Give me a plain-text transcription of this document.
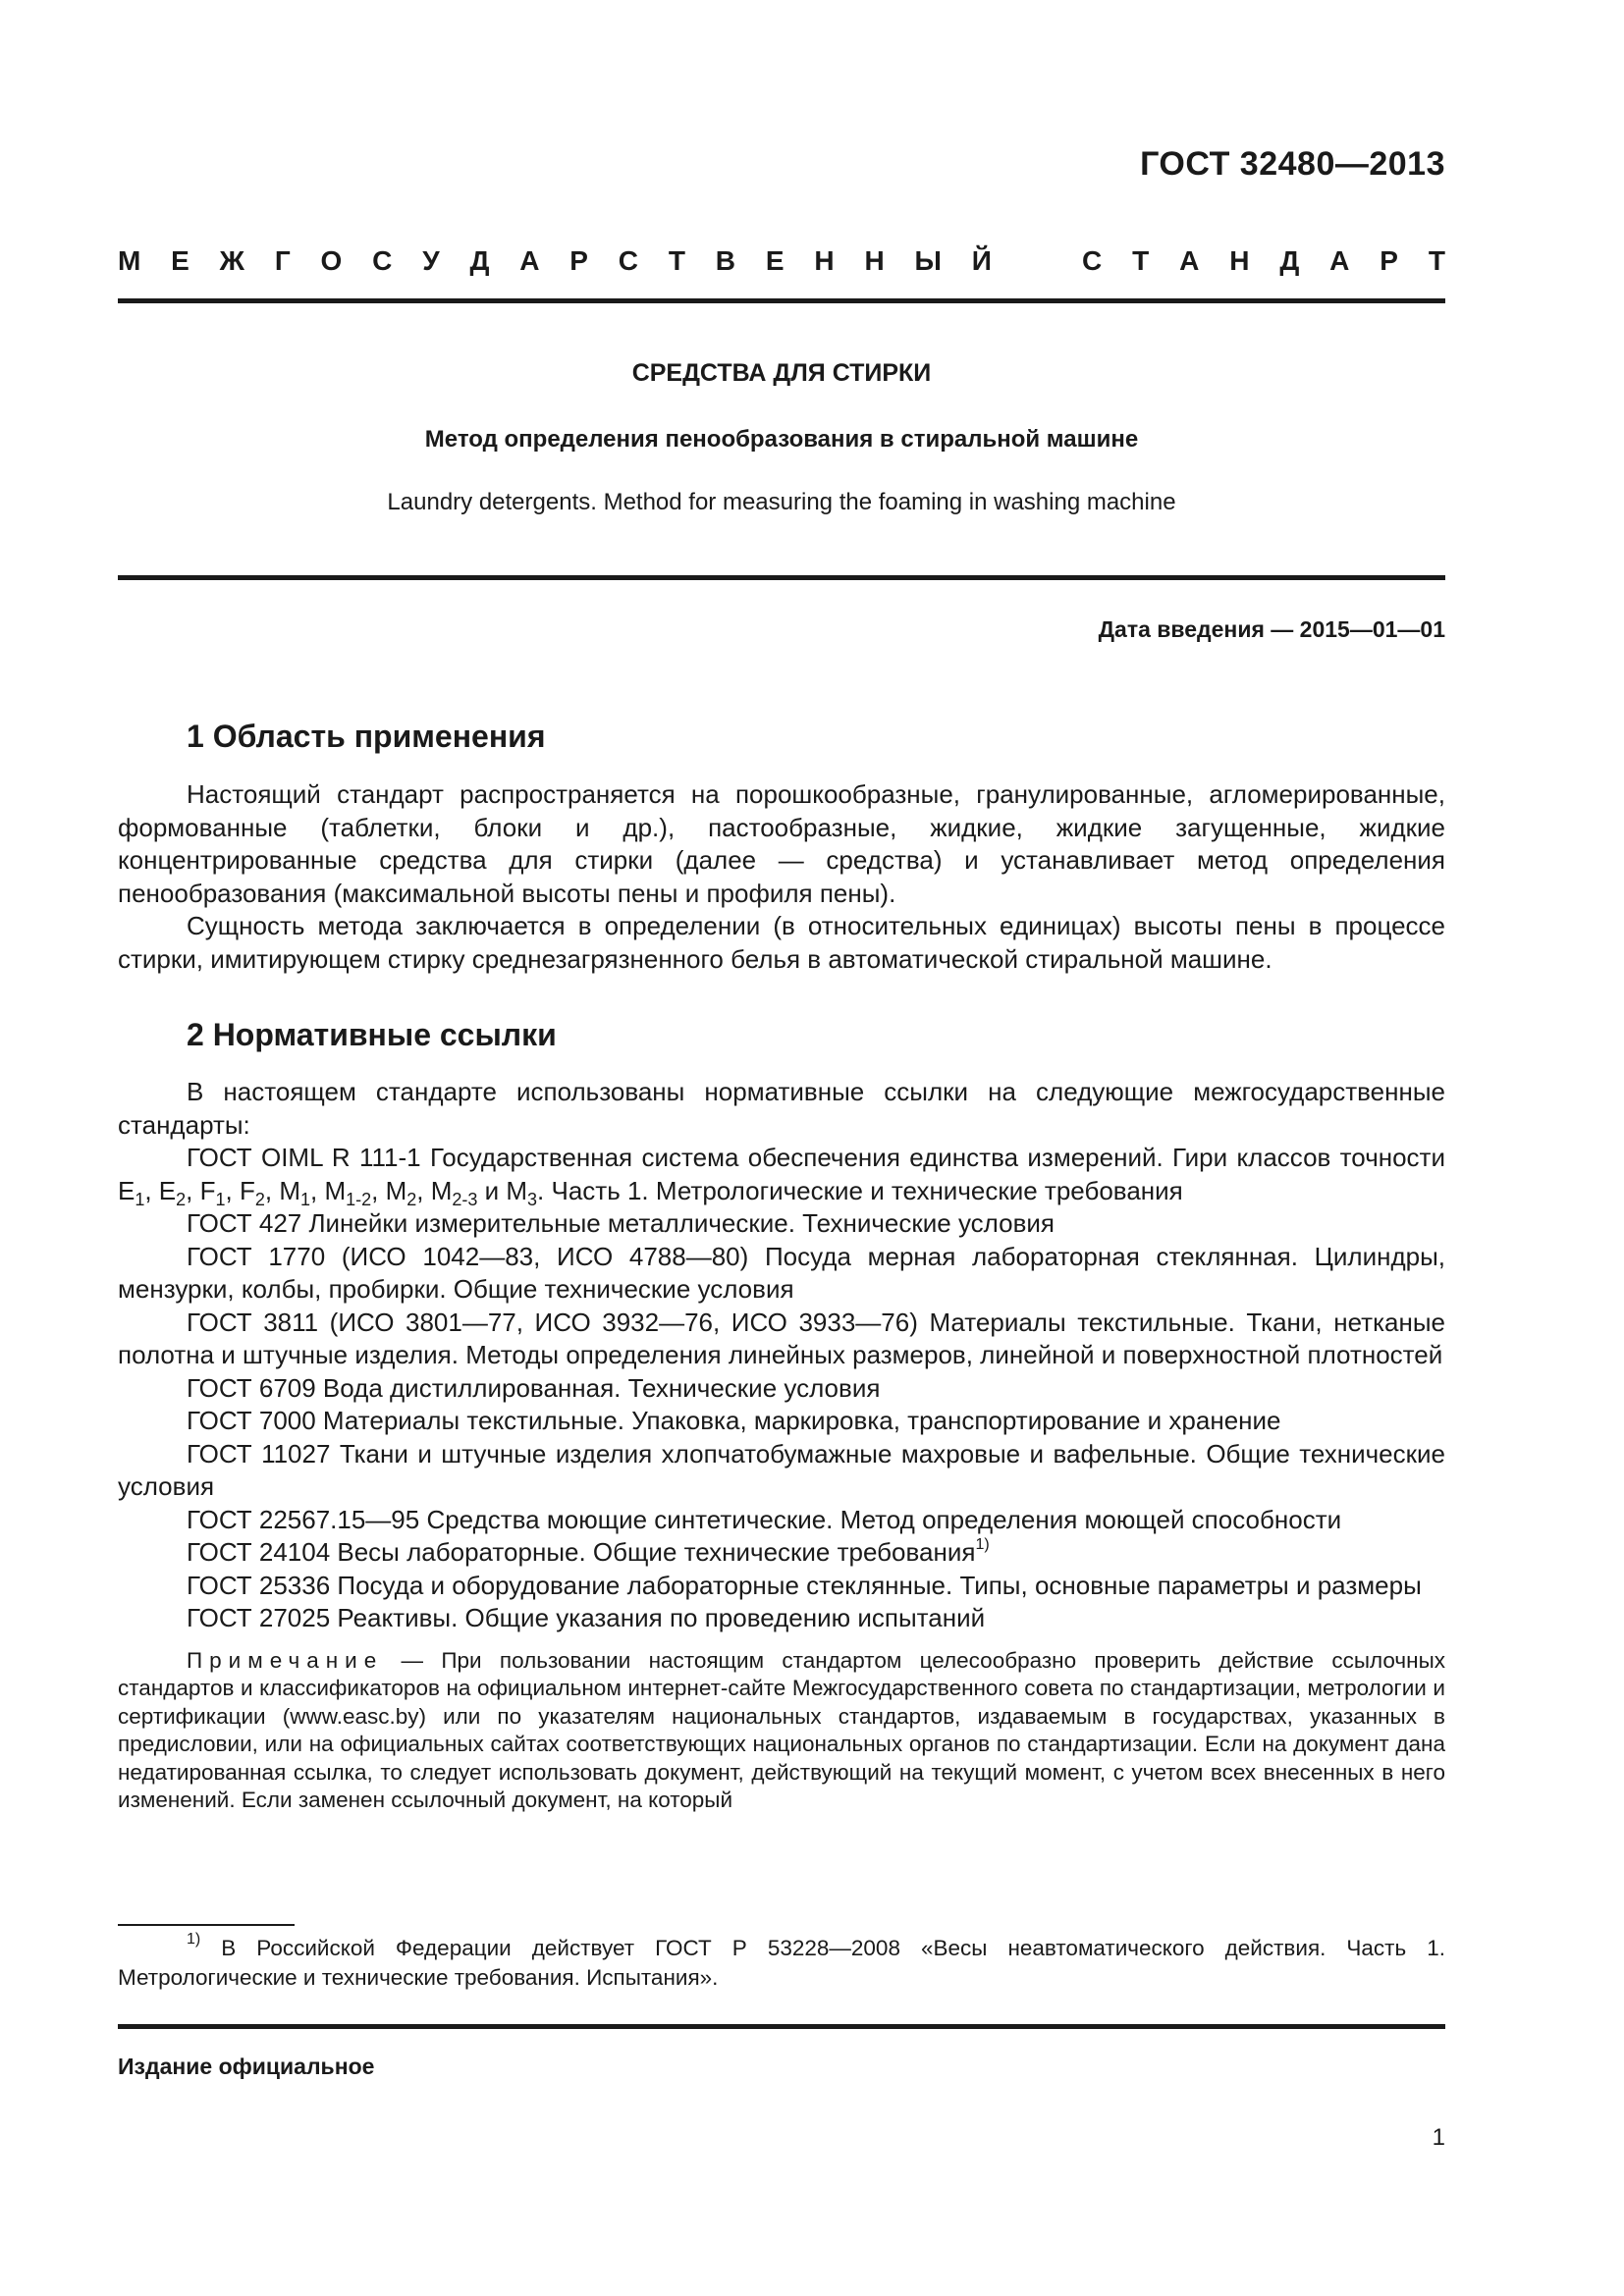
ГОСТ 32480—2013
М Е Ж Г О С У Д А Р С Т В Е Н Н Ы Й	С Т А Н Д А Р Т
СРЕДСТВА ДЛЯ СТИРКИ
Метод определения пенообразования в стиральной машине
Laundry detergents. Method for measuring the foaming in washing machine
Дата введения — 2015—01—01
1 Область применения

Настоящий стандарт распространяется на порошкообразные, гранулированные, агломерированные, формованные (таблетки, блоки и др.), пастообразные, жидкие, жидкие загущенные, жидкие концентрированные средства для стирки (далее — средства) и устанавливает метод определения пенообразования (максимальной высоты пены и профиля пены).

Сущность метода заключается в определении (в относительных единицах) высоты пены в процессе стирки, имитирующем стирку среднезагрязненного белья в автоматической стиральной машине.

2 Нормативные ссылки

В настоящем стандарте использованы нормативные ссылки на следующие межгосударственные стандарты:

ГОСТ OIML R 111-1 Государственная система обеспечения единства измерений. Гири классов точности $E_1$, $E_2$, $F_1$, $F_2$, $M_1$, $M_{1-2}$, $M_2$, $M_{2-3}$ и $M_3$. Часть 1. Метрологические и технические требования

ГОСТ 427 Линейки измерительные металлические. Технические условия

ГОСТ 1770 (ИСО 1042—83, ИСО 4788—80) Посуда мерная лабораторная стеклянная. Цилиндры, мензурки, колбы, пробирки. Общие технические условия

ГОСТ 3811 (ИСО 3801—77, ИСО 3932—76, ИСО 3933—76) Материалы текстильные. Ткани, нетканые полотна и штучные изделия. Методы определения линейных размеров, линейной и поверхностной плотностей

ГОСТ 6709 Вода дистиллированная. Технические условия

ГОСТ 7000 Материалы текстильные. Упаковка, маркировка, транспортирование и хранение

ГОСТ 11027 Ткани и штучные изделия хлопчатобумажные махровые и вафельные. Общие технические условия

ГОСТ 22567.15—95 Средства моющие синтетические. Метод определения моющей способности

ГОСТ 24104 Весы лабораторные. Общие технические требования$^{1)}$

ГОСТ 25336 Посуда и оборудование лабораторные стеклянные. Типы, основные параметры и размеры

ГОСТ 27025 Реактивы. Общие указания по проведению испытаний

Примечание — При пользовании настоящим стандартом целесообразно проверить действие ссылочных стандартов и классификаторов на официальном интернет-сайте Межгосударственного совета по стандартизации, метрологии и сертификации (www.easc.by) или по указателям национальных стандартов, издаваемым в государствах, указанных в предисловии, или на официальных сайтах соответствующих национальных органов по стандартизации. Если на документ дана недатированная ссылка, то следует использовать документ, действующий на текущий момент, с учетом всех внесенных в него изменений. Если заменен ссылочный документ, на который

$^{1)}$ В Российской Федерации действует ГОСТ Р 53228—2008 «Весы неавтоматического действия. Часть 1. Метрологические и технические требования. Испытания».

Издание официальное
1
